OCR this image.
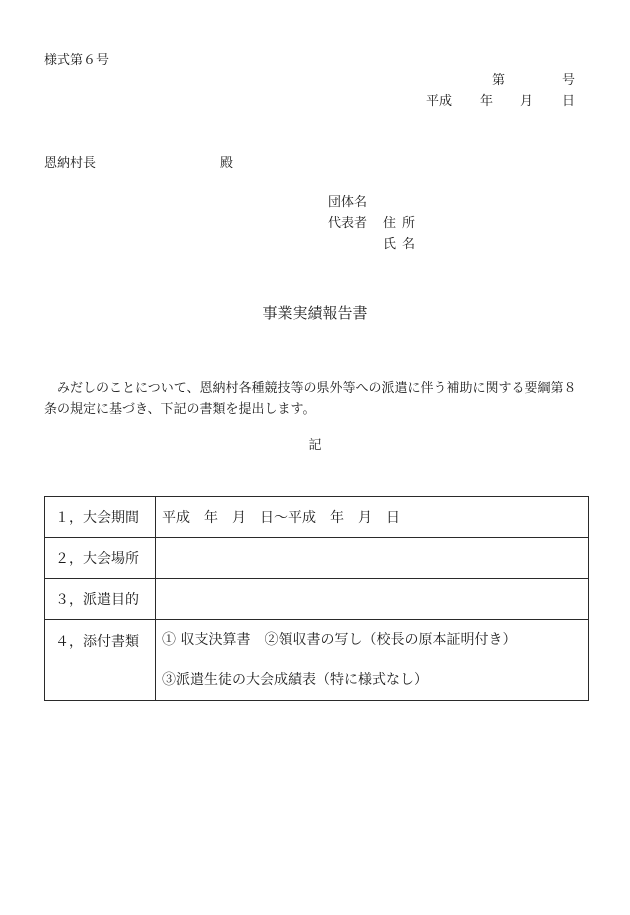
様式第６号
第	号
平成 年 月 日
恩納村長	殿
団体名
代表者 住所
氏名
事業実績報告書
みだしのことについて、恩納村各種競技等の県外等への派遣に伴う補助に関する要綱第８条の規定に基づき、下記の書類を提出します。
記
１，大会期間	平成　年　月　日～平成　年　月　日
２，大会場所	
３，派遣目的	
４，添付書類	① 収支決算書　②領収書の写し（校長の原本証明付き）
③派遣生徒の大会成績表（特に様式なし）
